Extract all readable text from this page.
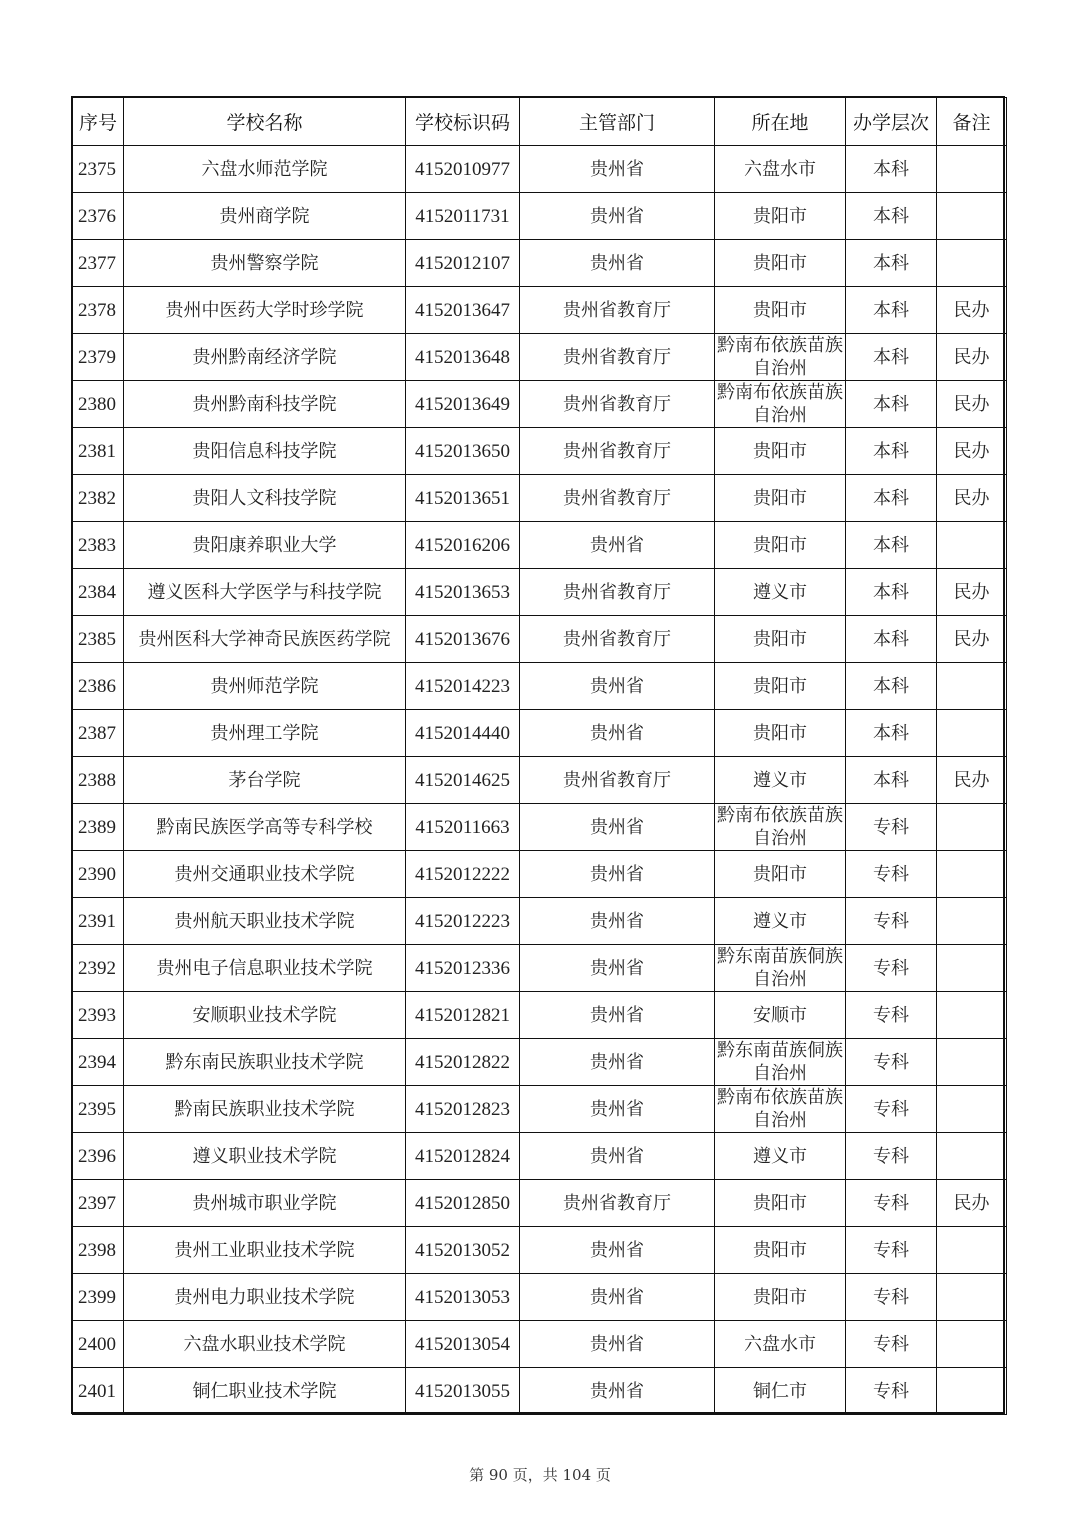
序号	学校名称	学校标识码	主管部门	所在地	办学层次	备注
2375	六盘水师范学院	4152010977	贵州省	六盘水市	本科	
2376	贵州商学院	4152011731	贵州省	贵阳市	本科	
2377	贵州警察学院	4152012107	贵州省	贵阳市	本科	
2378	贵州中医药大学时珍学院	4152013647	贵州省教育厅	贵阳市	本科	民办
2379	贵州黔南经济学院	4152013648	贵州省教育厅	黔南布依族苗族自治州	本科	民办
2380	贵州黔南科技学院	4152013649	贵州省教育厅	黔南布依族苗族自治州	本科	民办
2381	贵阳信息科技学院	4152013650	贵州省教育厅	贵阳市	本科	民办
2382	贵阳人文科技学院	4152013651	贵州省教育厅	贵阳市	本科	民办
2383	贵阳康养职业大学	4152016206	贵州省	贵阳市	本科	
2384	遵义医科大学医学与科技学院	4152013653	贵州省教育厅	遵义市	本科	民办
2385	贵州医科大学神奇民族医药学院	4152013676	贵州省教育厅	贵阳市	本科	民办
2386	贵州师范学院	4152014223	贵州省	贵阳市	本科	
2387	贵州理工学院	4152014440	贵州省	贵阳市	本科	
2388	茅台学院	4152014625	贵州省教育厅	遵义市	本科	民办
2389	黔南民族医学高等专科学校	4152011663	贵州省	黔南布依族苗族自治州	专科	
2390	贵州交通职业技术学院	4152012222	贵州省	贵阳市	专科	
2391	贵州航天职业技术学院	4152012223	贵州省	遵义市	专科	
2392	贵州电子信息职业技术学院	4152012336	贵州省	黔东南苗族侗族自治州	专科	
2393	安顺职业技术学院	4152012821	贵州省	安顺市	专科	
2394	黔东南民族职业技术学院	4152012822	贵州省	黔东南苗族侗族自治州	专科	
2395	黔南民族职业技术学院	4152012823	贵州省	黔南布依族苗族自治州	专科	
2396	遵义职业技术学院	4152012824	贵州省	遵义市	专科	
2397	贵州城市职业学院	4152012850	贵州省教育厅	贵阳市	专科	民办
2398	贵州工业职业技术学院	4152013052	贵州省	贵阳市	专科	
2399	贵州电力职业技术学院	4152013053	贵州省	贵阳市	专科	
2400	六盘水职业技术学院	4152013054	贵州省	六盘水市	专科	
2401	铜仁职业技术学院	4152013055	贵州省	铜仁市	专科	
第 90 页，共 104 页
